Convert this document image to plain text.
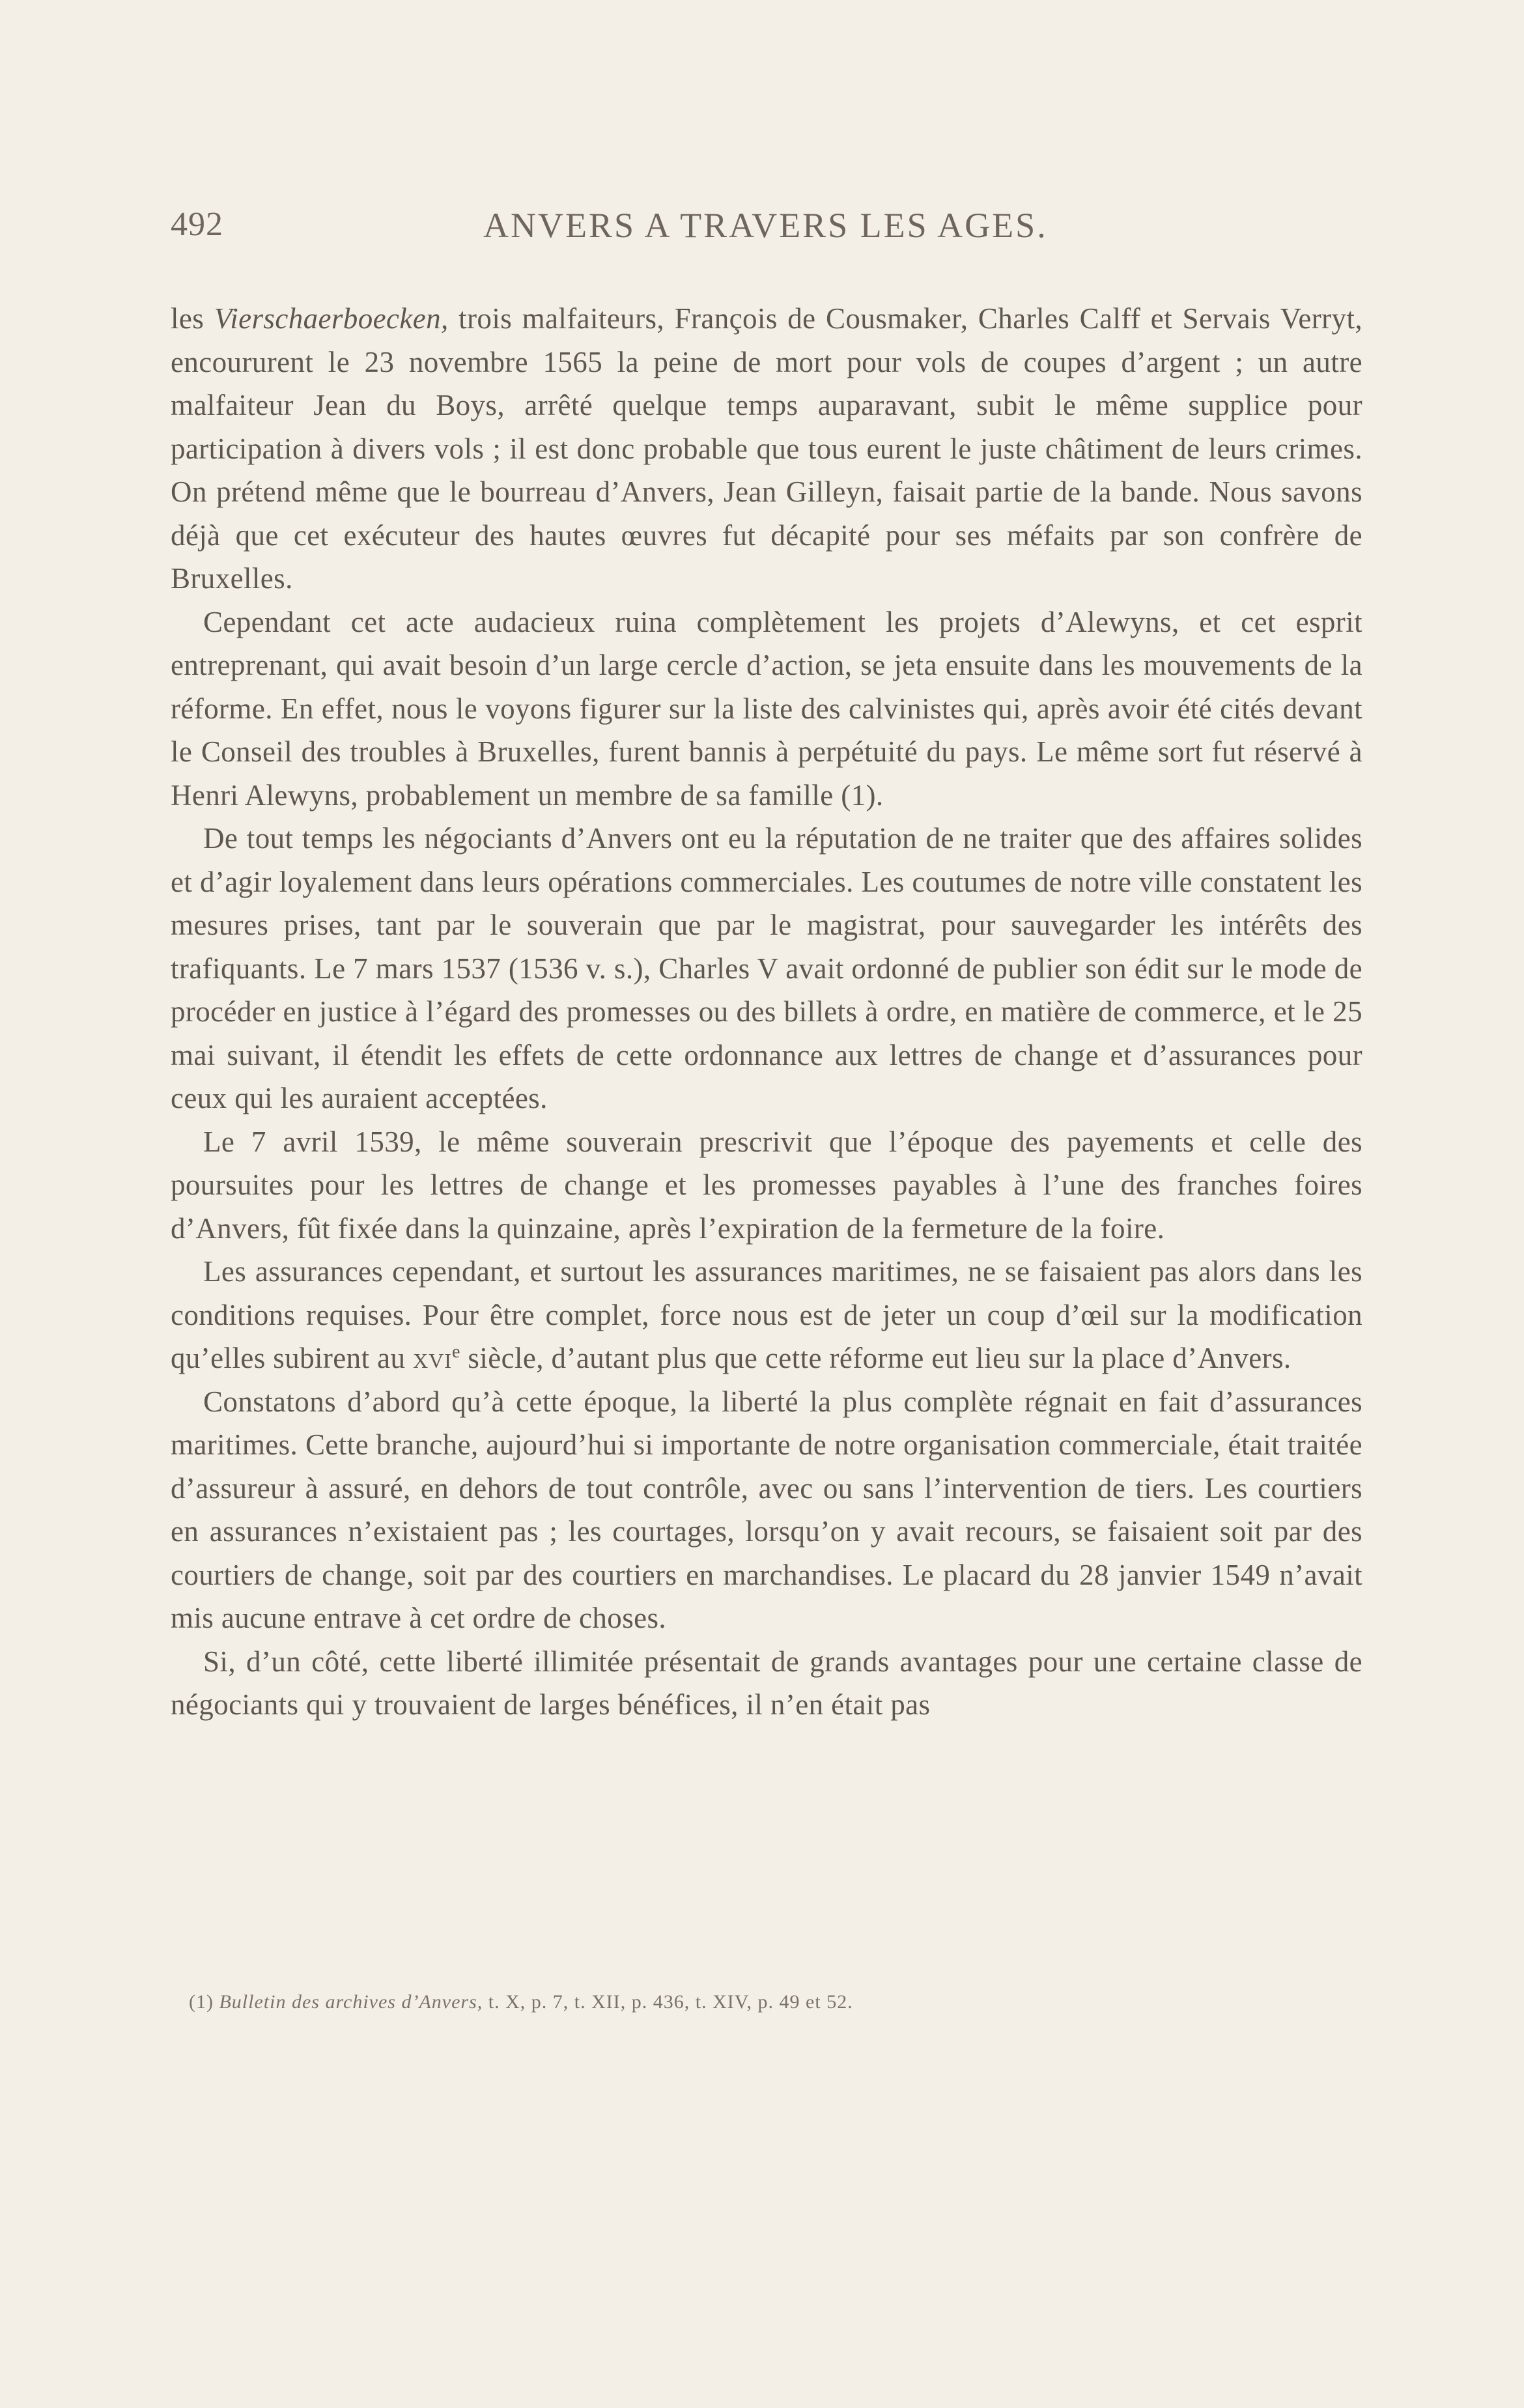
492	ANVERS A TRAVERS LES AGES.

les Vierschaerboecken, trois malfaiteurs, François de Cousmaker, Charles Calff et Servais Verryt, encoururent le 23 novembre 1565 la peine de mort pour vols de coupes d’argent ; un autre malfaiteur Jean du Boys, arrêté quelque temps auparavant, subit le même supplice pour participation à divers vols ; il est donc probable que tous eurent le juste châtiment de leurs crimes. On prétend même que le bourreau d’Anvers, Jean Gilleyn, faisait partie de la bande. Nous savons déjà que cet exécuteur des hautes œuvres fut décapité pour ses méfaits par son confrère de Bruxelles.

Cependant cet acte audacieux ruina complètement les projets d’Alewyns, et cet esprit entreprenant, qui avait besoin d’un large cercle d’action, se jeta ensuite dans les mouvements de la réforme. En effet, nous le voyons figurer sur la liste des calvinistes qui, après avoir été cités devant le Conseil des troubles à Bruxelles, furent bannis à perpétuité du pays. Le même sort fut réservé à Henri Alewyns, probablement un membre de sa famille (1).

De tout temps les négociants d’Anvers ont eu la réputation de ne traiter que des affaires solides et d’agir loyalement dans leurs opérations commerciales. Les coutumes de notre ville constatent les mesures prises, tant par le souverain que par le magistrat, pour sauvegarder les intérêts des trafiquants. Le 7 mars 1537 (1536 v. s.), Charles V avait ordonné de publier son édit sur le mode de procéder en justice à l’égard des promesses ou des billets à ordre, en matière de commerce, et le 25 mai suivant, il étendit les effets de cette ordonnance aux lettres de change et d’assurances pour ceux qui les auraient acceptées.

Le 7 avril 1539, le même souverain prescrivit que l’époque des payements et celle des poursuites pour les lettres de change et les promesses payables à l’une des franches foires d’Anvers, fût fixée dans la quinzaine, après l’expiration de la fermeture de la foire.

Les assurances cependant, et surtout les assurances maritimes, ne se faisaient pas alors dans les conditions requises. Pour être complet, force nous est de jeter un coup d’œil sur la modification qu’elles subirent au xvi$^e$ siècle, d’autant plus que cette réforme eut lieu sur la place d’Anvers.

Constatons d’abord qu’à cette époque, la liberté la plus complète régnait en fait d’assurances maritimes. Cette branche, aujourd’hui si importante de notre organisation commerciale, était traitée d’assureur à assuré, en dehors de tout contrôle, avec ou sans l’intervention de tiers. Les courtiers en assurances n’existaient pas ; les courtages, lorsqu’on y avait recours, se faisaient soit par des courtiers de change, soit par des courtiers en marchandises. Le placard du 28 janvier 1549 n’avait mis aucune entrave à cet ordre de choses.

Si, d’un côté, cette liberté illimitée présentait de grands avantages pour une certaine classe de négociants qui y trouvaient de larges bénéfices, il n’en était pas

(1) Bulletin des archives d’Anvers, t. X, p. 7, t. XII, p. 436, t. XIV, p. 49 et 52.
